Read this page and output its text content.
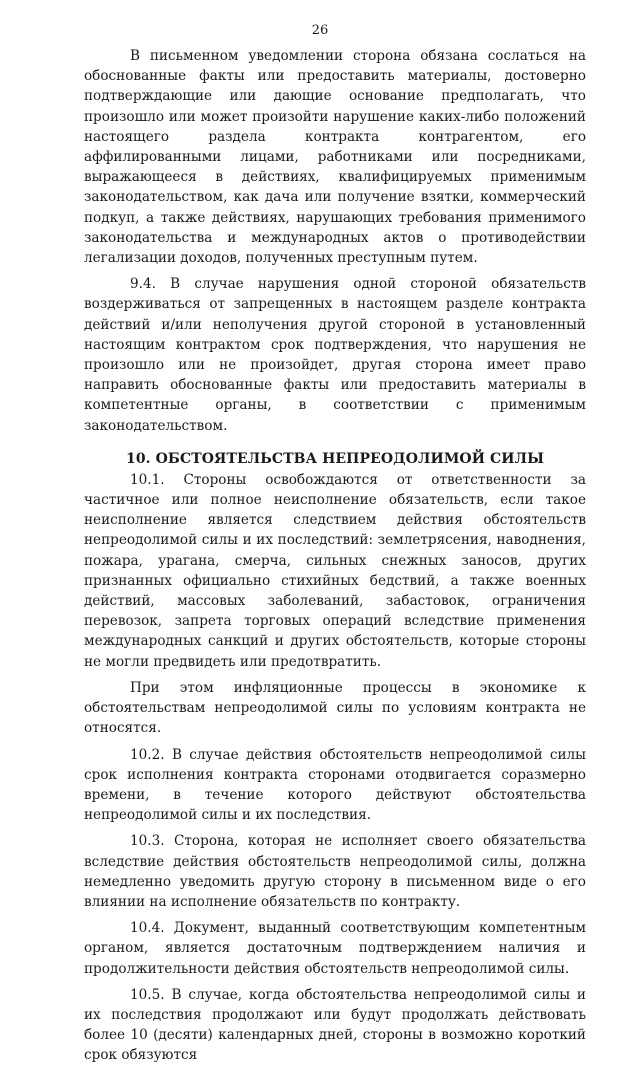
26

В письменном уведомлении сторона обязана сослаться на обоснованные факты или предоставить материалы, достоверно подтверждающие или дающие основание предполагать, что произошло или может произойти нарушение каких-либо положений настоящего раздела контракта контрагентом, его аффилированными лицами, работниками или посредниками, выражающееся в действиях, квалифицируемых применимым законодательством, как дача или получение взятки, коммерческий подкуп, а также действиях, нарушающих требования применимого законодательства и международных актов о противодействии легализации доходов, полученных преступным путем.

9.4. В случае нарушения одной стороной обязательств воздерживаться от запрещенных в настоящем разделе контракта действий и/или неполучения другой стороной в установленный настоящим контрактом срок подтверждения, что нарушения не произошло или не произойдет, другая сторона имеет право направить обоснованные факты или предоставить материалы в компетентные органы, в соответствии с применимым законодательством.

10. ОБСТОЯТЕЛЬСТВА НЕПРЕОДОЛИМОЙ СИЛЫ

10.1. Стороны освобождаются от ответственности за частичное или полное неисполнение обязательств, если такое неисполнение является следствием действия обстоятельств непреодолимой силы и их последствий: землетрясения, наводнения, пожара, урагана, смерча, сильных снежных заносов, других признанных официально стихийных бедствий, а также военных действий, массовых заболеваний, забастовок, ограничения перевозок, запрета торговых операций вследствие применения международных санкций и других обстоятельств, которые стороны не могли предвидеть или предотвратить.

При этом инфляционные процессы в экономике к обстоятельствам непреодолимой силы по условиям контракта не относятся.

10.2. В случае действия обстоятельств непреодолимой силы срок исполнения контракта сторонами отодвигается соразмерно времени, в течение которого действуют обстоятельства непреодолимой силы и их последствия.

10.3. Сторона, которая не исполняет своего обязательства вследствие действия обстоятельств непреодолимой силы, должна немедленно уведомить другую сторону в письменном виде о его влиянии на исполнение обязательств по контракту.

10.4. Документ, выданный соответствующим компетентным органом, является достаточным подтверждением наличия и продолжительности действия обстоятельств непреодолимой силы.

10.5. В случае, когда обстоятельства непреодолимой силы и их последствия продолжают или будут продолжать действовать более 10 (десяти) календарных дней, стороны в возможно короткий срок обязуются
